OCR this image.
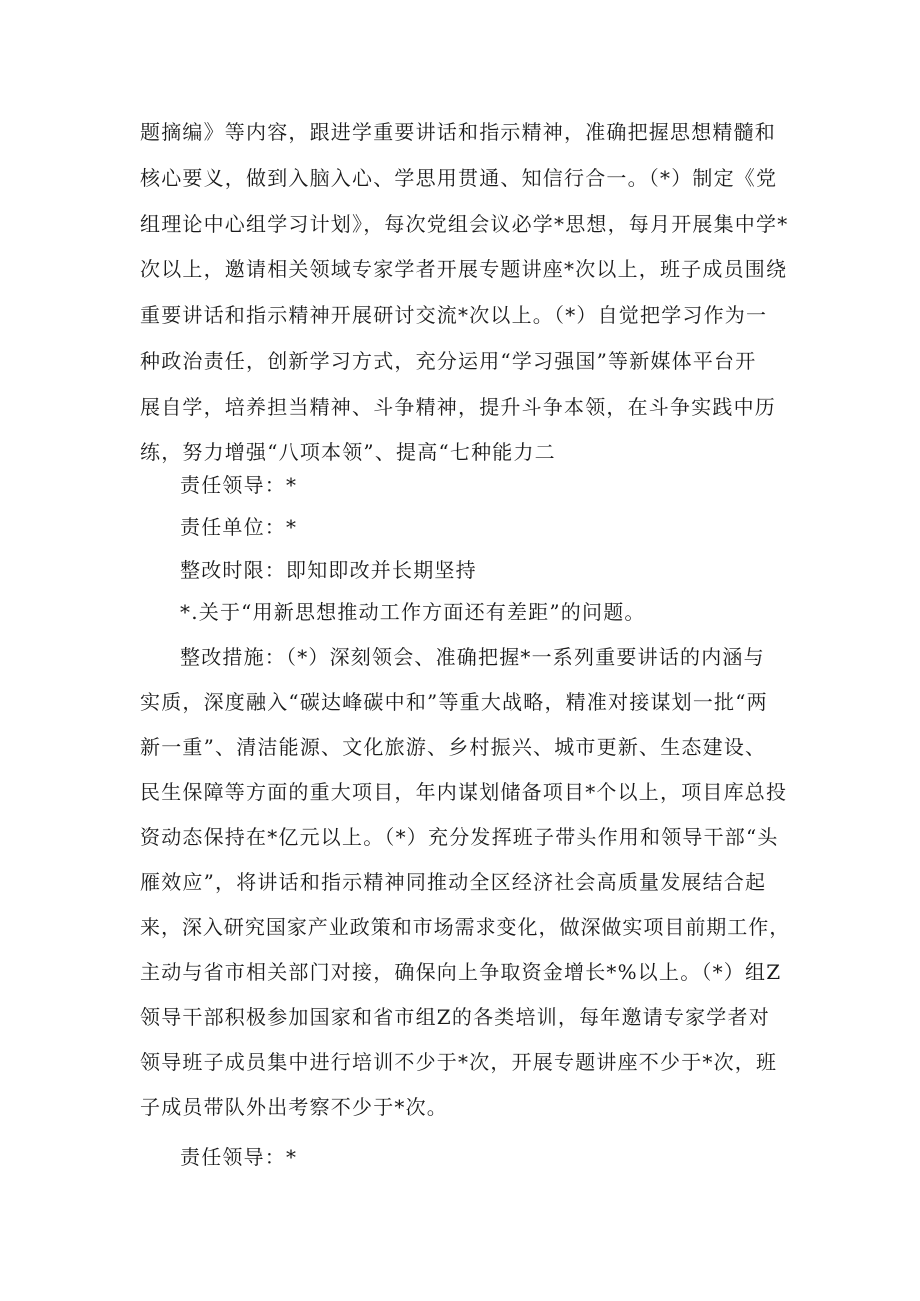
题摘编》等内容，跟进学重要讲话和指示精神，准确把握思想精髓和
核心要义，做到入脑入心、学思用贯通、知信行合一。（*）制定《党
组理论中心组学习计划》，每次党组会议必学*思想，每月开展集中学*
次以上，邀请相关领域专家学者开展专题讲座*次以上，班子成员围绕
重要讲话和指示精神开展研讨交流*次以上。（*）自觉把学习作为一
种政治责任，创新学习方式，充分运用“学习强国”等新媒体平台开
展自学，培养担当精神、斗争精神，提升斗争本领，在斗争实践中历
练，努力增强“八项本领”、提高“七种能力二
责任领导：*
责任单位：*
整改时限：即知即改并长期坚持
*.关于“用新思想推动工作方面还有差距”的问题。
整改措施：（*）深刻领会、准确把握*一系列重要讲话的内涵与
实质，深度融入“碳达峰碳中和”等重大战略，精准对接谋划一批“两
新一重”、清洁能源、文化旅游、乡村振兴、城市更新、生态建设、
民生保障等方面的重大项目，年内谋划储备项目*个以上，项目库总投
资动态保持在*亿元以上。（*）充分发挥班子带头作用和领导干部“头
雁效应”，将讲话和指示精神同推动全区经济社会高质量发展结合起
来，深入研究国家产业政策和市场需求变化，做深做实项目前期工作，
主动与省市相关部门对接，确保向上争取资金增长*%以上。（*）组Z
领导干部积极参加国家和省市组Z的各类培训，每年邀请专家学者对
领导班子成员集中进行培训不少于*次，开展专题讲座不少于*次，班
子成员带队外出考察不少于*次。
责任领导：*
